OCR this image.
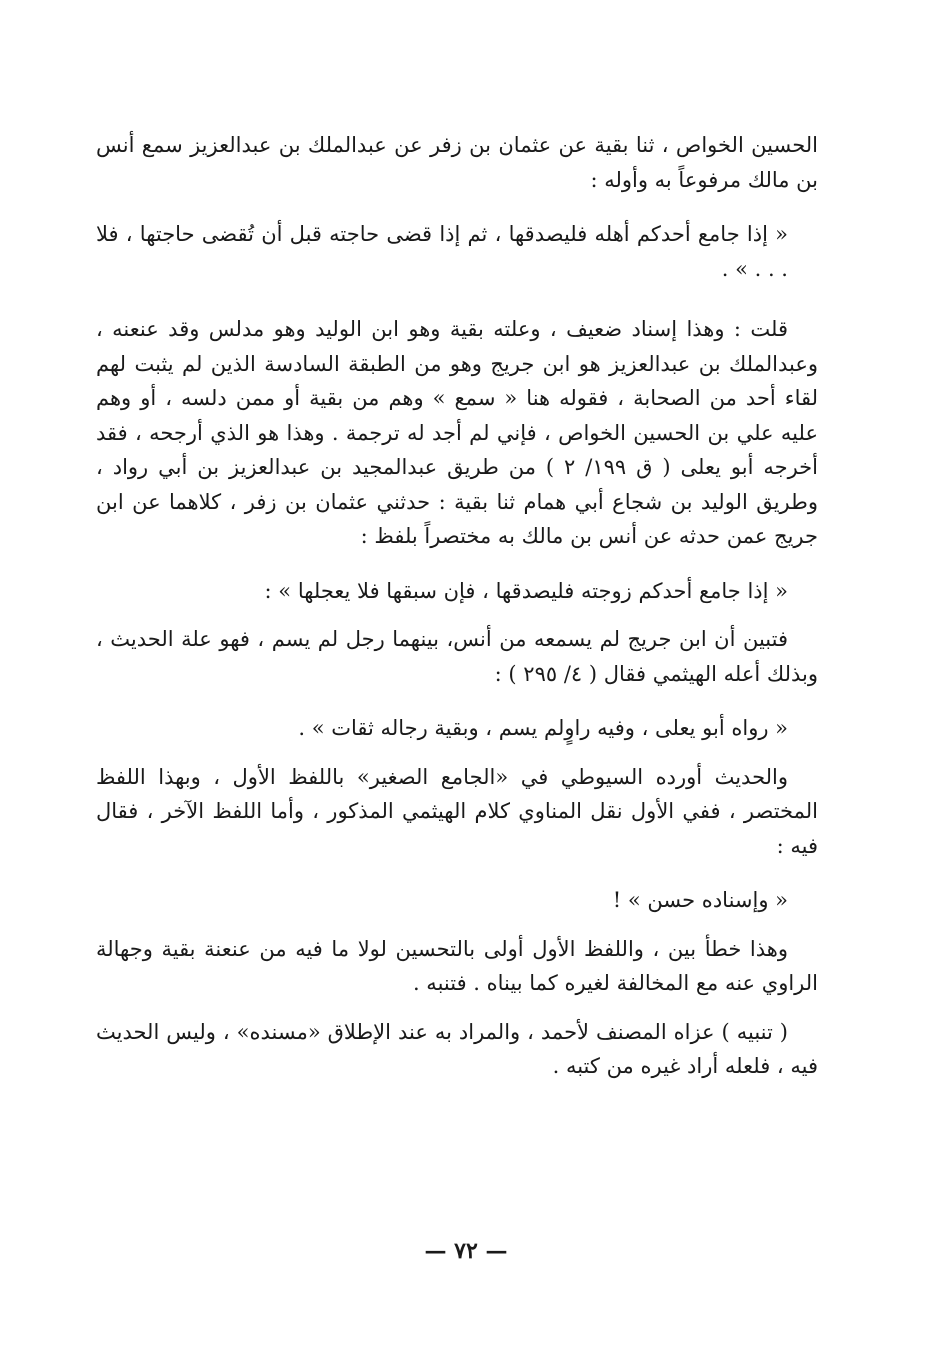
الحسين الخواص ، ثنا بقية عن عثمان بن زفر عن عبدالملك بن عبدالعزيز سمع أنس بن مالك مرفوعاً به وأوله :

« إذا جامع أحدكم أهله فليصدقها ، ثم إذا قضى حاجته قبل أن تُقضى حاجتها ، فلا . . . » .

قلت : وهذا إسناد ضعيف ، وعلته بقية وهو ابن الوليد وهو مدلس وقد عنعنه ، وعبدالملك بن عبدالعزيز هو ابن جريج وهو من الطبقة السادسة الذين لم يثبت لهم لقاء أحد من الصحابة ، فقوله هنا « سمع » وهم من بقية أو ممن دلسه ، أو وهم عليه علي بن الحسين الخواص ، فإني لم أجد له ترجمة . وهذا هو الذي أرجحه ، فقد أخرجه أبو يعلى ( ق ١٩٩/ ٢ ) من طريق عبدالمجيد بن عبدالعزيز بن أبي رواد ، وطريق الوليد بن شجاع أبي همام ثنا بقية : حدثني عثمان بن زفر ، كلاهما عن ابن جريج عمن حدثه عن أنس بن مالك به مختصراً بلفظ :

« إذا جامع أحدكم زوجته فليصدقها ، فإن سبقها فلا يعجلها » :

فتبين أن ابن جريج لم يسمعه من أنس، بينهما رجل لم يسم ، فهو علة الحديث ، وبذلك أعله الهيثمي فقال ( ٤/ ٢٩٥ ) :

« رواه أبو يعلى ، وفيه راوٍلم يسم ، وبقية رجاله ثقات » .

والحديث أورده السيوطي في «الجامع الصغير» باللفظ الأول ، وبهذا اللفظ المختصر ، ففي الأول نقل المناوي كلام الهيثمي المذكور ، وأما اللفظ الآخر ، فقال فيه :

« وإسناده حسن » !

وهذا خطأ بين ، واللفظ الأول أولى بالتحسين لولا ما فيه من عنعنة بقية وجهالة الراوي عنه مع المخالفة لغيره كما بيناه . فتنبه .

( تنبيه ) عزاه المصنف لأحمد ، والمراد به عند الإطلاق «مسنده» ، وليس الحديث فيه ، فلعله أراد غيره من كتبه .

— ٧٢ —
